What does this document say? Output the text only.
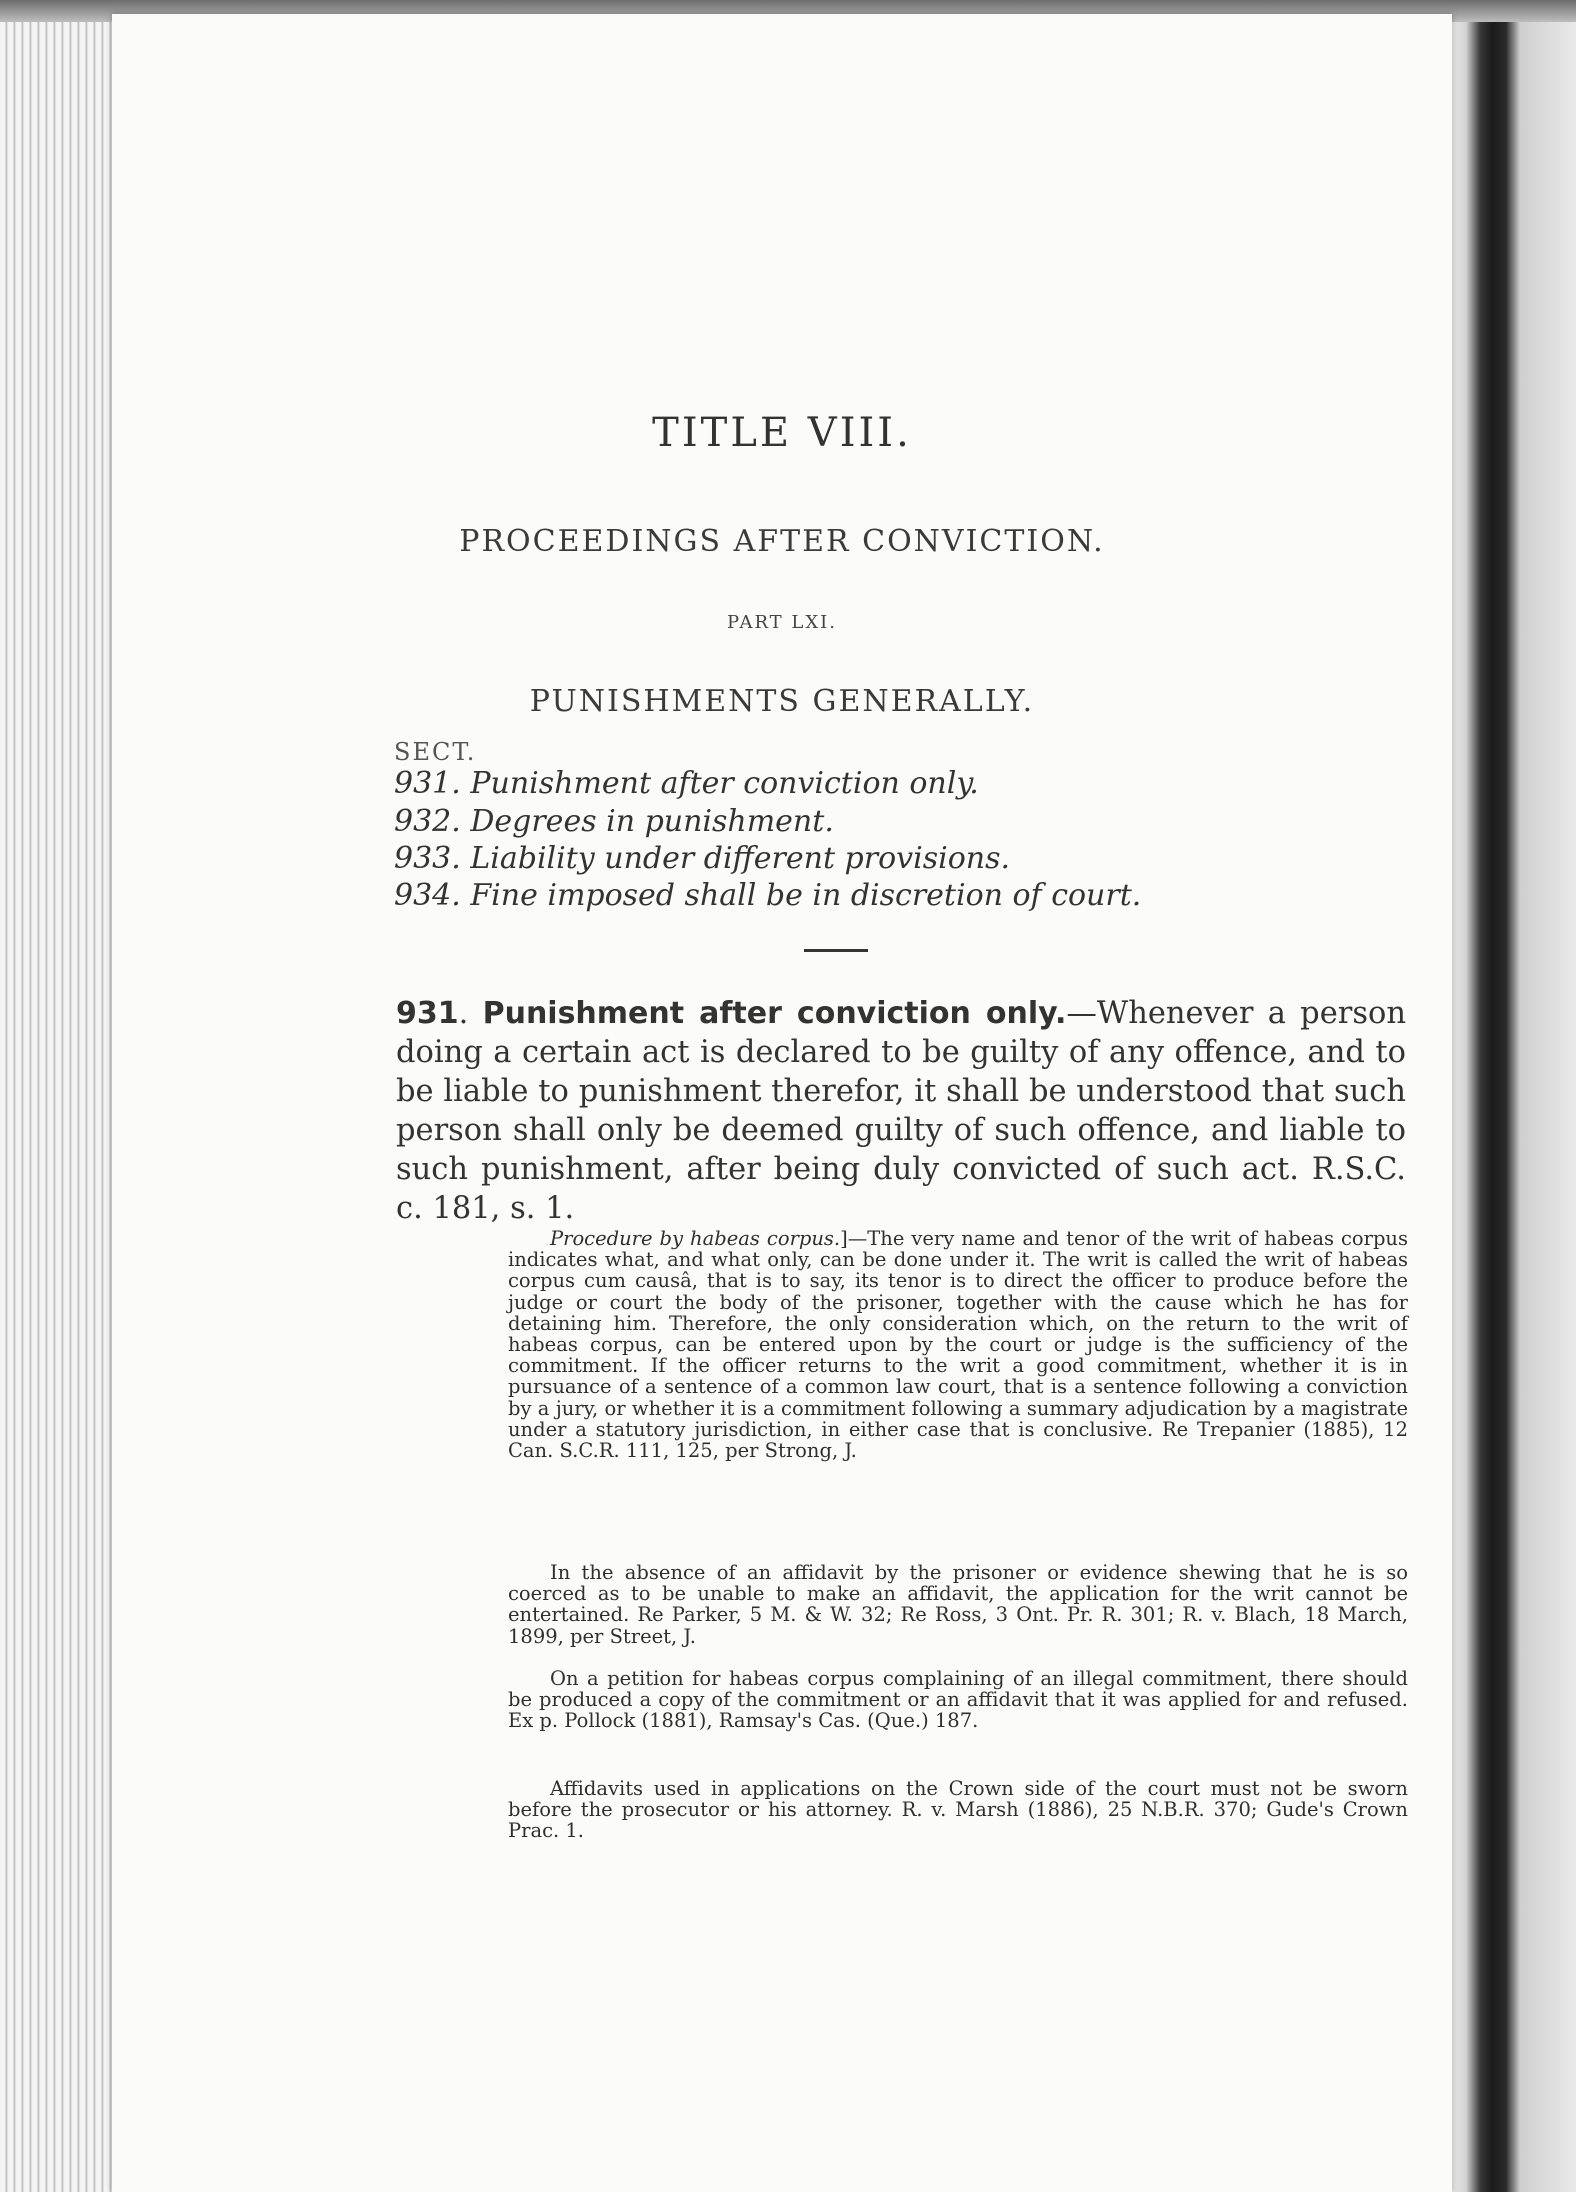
TITLE VIII.
PROCEEDINGS AFTER CONVICTION.
PART LXI.
PUNISHMENTS GENERALLY.
SECT.
931. Punishment after conviction only.
932. Degrees in punishment.
933. Liability under different provisions.
934. Fine imposed shall be in discretion of court.
931. Punishment after conviction only.—Whenever a person doing a certain act is declared to be guilty of any offence, and to be liable to punishment therefor, it shall be understood that such person shall only be deemed guilty of such offence, and liable to such punishment, after being duly convicted of such act. R.S.C. c. 181, s. 1.
Procedure by habeas corpus.]—The very name and tenor of the writ of habeas corpus indicates what, and what only, can be done under it. The writ is called the writ of habeas corpus cum causâ, that is to say, its tenor is to direct the officer to produce before the judge or court the body of the prisoner, together with the cause which he has for detaining him. Therefore, the only consideration which, on the return to the writ of habeas corpus, can be entered upon by the court or judge is the sufficiency of the commitment. If the officer returns to the writ a good commitment, whether it is in pursuance of a sentence of a common law court, that is a sentence following a conviction by a jury, or whether it is a commitment following a summary adjudication by a magistrate under a statutory jurisdiction, in either case that is conclusive. Re Trepanier (1885), 12 Can. S.C.R. 111, 125, per Strong, J.
In the absence of an affidavit by the prisoner or evidence shewing that he is so coerced as to be unable to make an affidavit, the application for the writ cannot be entertained. Re Parker, 5 M. & W. 32; Re Ross, 3 Ont. Pr. R. 301; R. v. Blach, 18 March, 1899, per Street, J.
On a petition for habeas corpus complaining of an illegal commitment, there should be produced a copy of the commitment or an affidavit that it was applied for and refused. Ex p. Pollock (1881), Ramsay's Cas. (Que.) 187.
Affidavits used in applications on the Crown side of the court must not be sworn before the prosecutor or his attorney. R. v. Marsh (1886), 25 N.B.R. 370; Gude's Crown Prac. 1.
